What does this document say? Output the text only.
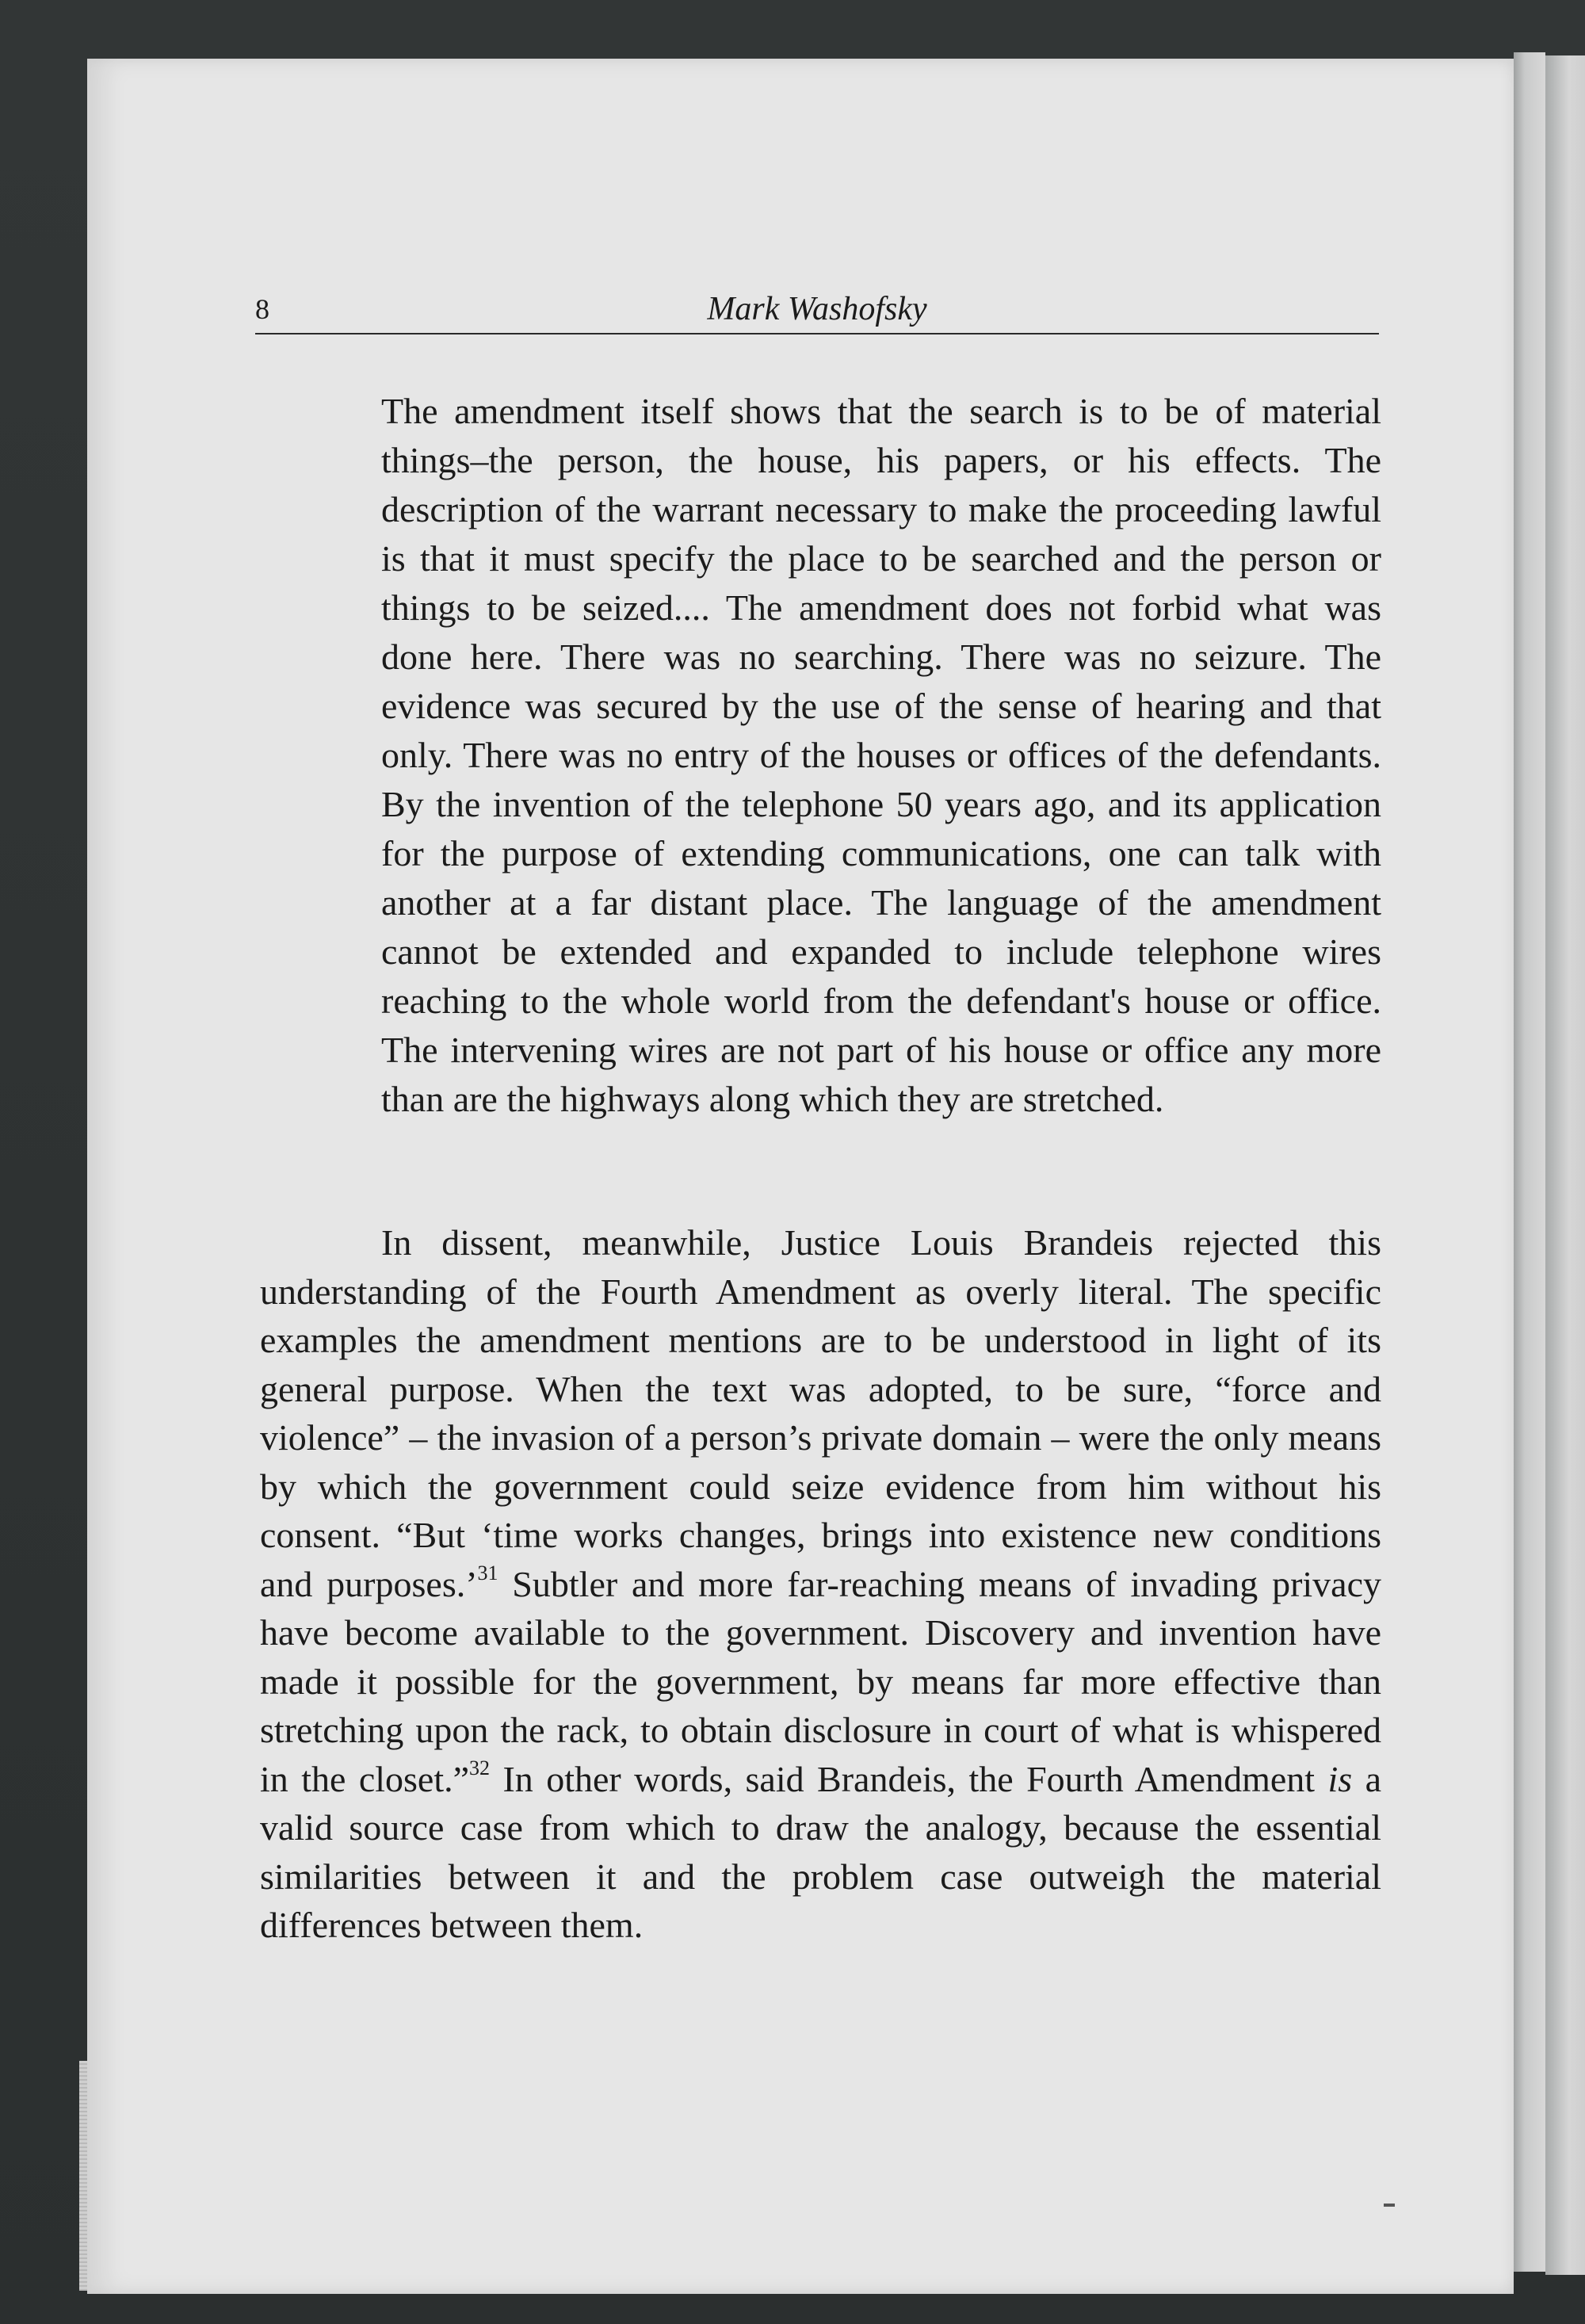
8	Mark Washofsky

The amendment itself shows that the search is to be of material things–the person, the house, his papers, or his effects. The description of the warrant necessary to make the proceeding lawful is that it must specify the place to be searched and the person or things to be seized.... The amendment does not forbid what was done here. There was no searching. There was no seizure. The evidence was secured by the use of the sense of hearing and that only. There was no entry of the houses or offices of the defendants. By the invention of the telephone 50 years ago, and its application for the purpose of extending communications, one can talk with another at a far distant place. The language of the amendment cannot be extended and expanded to include telephone wires reaching to the whole world from the defendant's house or office. The intervening wires are not part of his house or office any more than are the highways along which they are stretched.

In dissent, meanwhile, Justice Louis Brandeis rejected this understanding of the Fourth Amendment as overly literal. The specific examples the amendment mentions are to be understood in light of its general purpose. When the text was adopted, to be sure, “force and violence” – the invasion of a person’s private domain – were the only means by which the government could seize evidence from him without his consent. “But ‘time works changes, brings into existence new conditions and purposes.’$^{31}$ Subtler and more far-reaching means of invading privacy have become available to the government. Discovery and invention have made it possible for the government, by means far more effective than stretching upon the rack, to obtain disclosure in court of what is whispered in the closet.”$^{32}$ In other words, said Brandeis, the Fourth Amendment is a valid source case from which to draw the analogy, because the essential similarities between it and the problem case outweigh the material differences between them.
